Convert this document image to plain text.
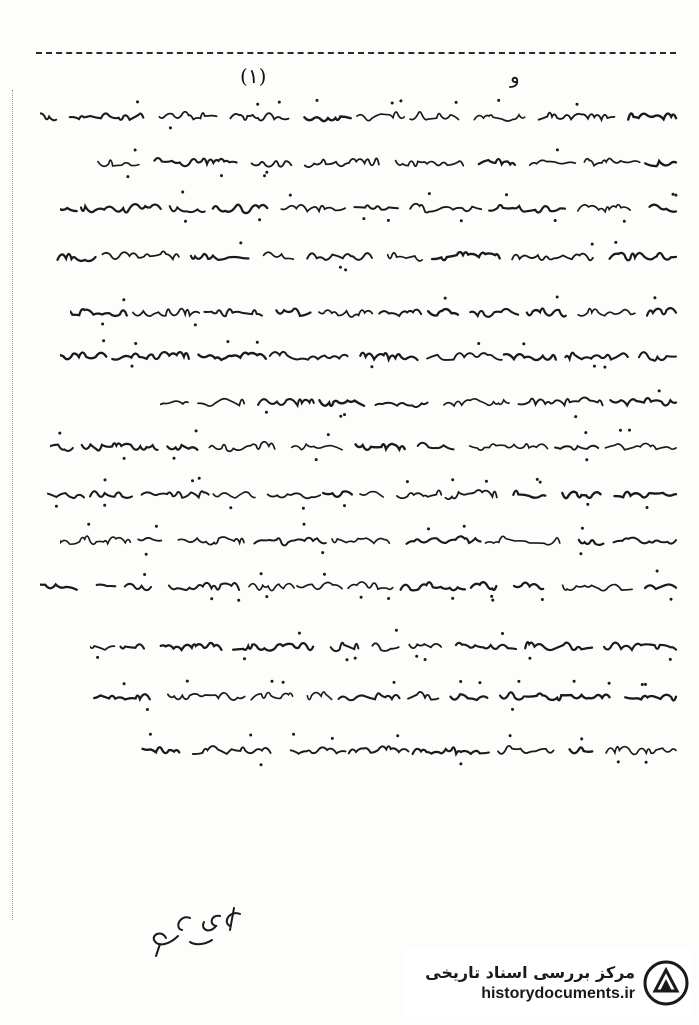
(۱)	و
مرکز بررسی اسناد تاریخی
historydocuments.ir
